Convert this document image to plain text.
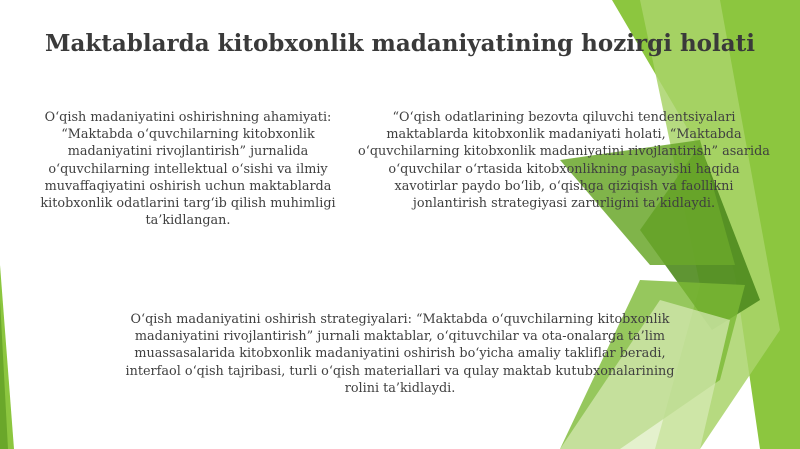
Maktablarda kitobxonlik madaniyatining hozirgi holati
O‘qish madaniyatini oshirishning ahamiyati: “Maktabda o‘quvchilarning kitobxonlik madaniyatini rivojlantirish” jurnalida o‘quvchilarning intellektual o‘sishi va ilmiy muvaffaqiyatini oshirish uchun maktablarda kitobxonlik odatlarini targ‘ib qilish muhimligi ta’kidlangan.
“O‘qish odatlarining bezovta qiluvchi tendentsiyalari maktablarda kitobxonlik madaniyati holati, “Maktabda o‘quvchilarning kitobxonlik madaniyatini rivojlantirish” asarida o‘quvchilar o‘rtasida kitobxonlikning pasayishi haqida xavotirlar paydo bo‘lib, o‘qishga qiziqish va faollikni jonlantirish strategiyasi zarurligini ta’kidlaydi.
O‘qish madaniyatini oshirish strategiyalari: “Maktabda o‘quvchilarning kitobxonlik madaniyatini rivojlantirish” jurnali maktablar, o‘qituvchilar va ota-onalarga ta’lim muassasalarida kitobxonlik madaniyatini oshirish bo‘yicha amaliy takliflar beradi, interfaol o‘qish tajribasi, turli o‘qish materiallari va qulay maktab kutubxonalarining rolini ta’kidlaydi.
